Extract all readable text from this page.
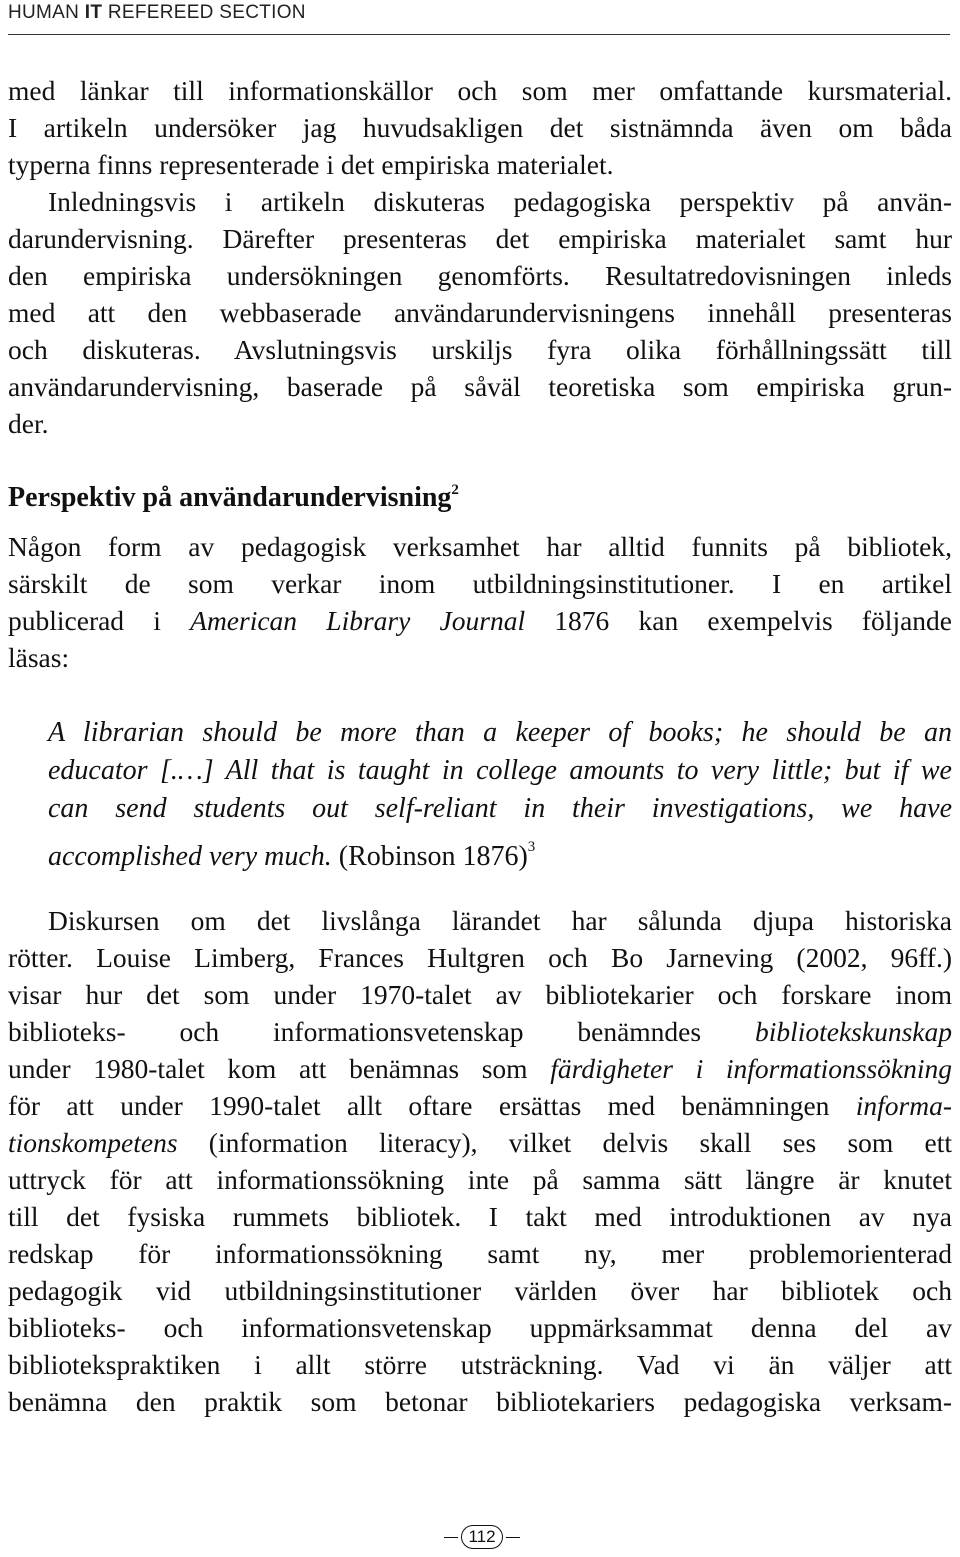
HUMAN IT REFEREED SECTION
med länkar till informationskällor och som mer omfattande kursmaterial.
I artikeln undersöker jag huvudsakligen det sistnämnda även om båda
typerna finns representerade i det empiriska materialet.
Inledningsvis i artikeln diskuteras pedagogiska perspektiv på använ-
darundervisning. Därefter presenteras det empiriska materialet samt hur
den empiriska undersökningen genomförts. Resultatredovisningen inleds
med att den webbaserade användarundervisningens innehåll presenteras
och diskuteras. Avslutningsvis urskiljs fyra olika förhållningssätt till
användarundervisning, baserade på såväl teoretiska som empiriska grun-
der.
Perspektiv på användarundervisning$^2$
Någon form av pedagogisk verksamhet har alltid funnits på bibliotek,
särskilt de som verkar inom utbildningsinstitutioner. I en artikel
publicerad i American Library Journal 1876 kan exempelvis följande
läsas:
A librarian should be more than a keeper of books; he should be an
educator [.…] All that is taught in college amounts to very little; but if we
can send students out self-reliant in their investigations, we have
accomplished very much. (Robinson 1876)$^3$
Diskursen om det livslånga lärandet har sålunda djupa historiska
rötter. Louise Limberg, Frances Hultgren och Bo Jarneving (2002, 96ff.)
visar hur det som under 1970-talet av bibliotekarier och forskare inom
biblioteks- och informationsvetenskap benämndes bibliotekskunskap
under 1980-talet kom att benämnas som färdigheter i informationssökning
för att under 1990-talet allt oftare ersättas med benämningen informa-
tionskompetens (information literacy), vilket delvis skall ses som ett
uttryck för att informationssökning inte på samma sätt längre är knutet
till det fysiska rummets bibliotek. I takt med introduktionen av nya
redskap för informationssökning samt ny, mer problemorienterad
pedagogik vid utbildningsinstitutioner världen över har bibliotek och
biblioteks- och informationsvetenskap uppmärksammat denna del av
bibliotekspraktiken i allt större utsträckning. Vad vi än väljer att
benämna den praktik som betonar bibliotekariers pedagogiska verksam-
112
